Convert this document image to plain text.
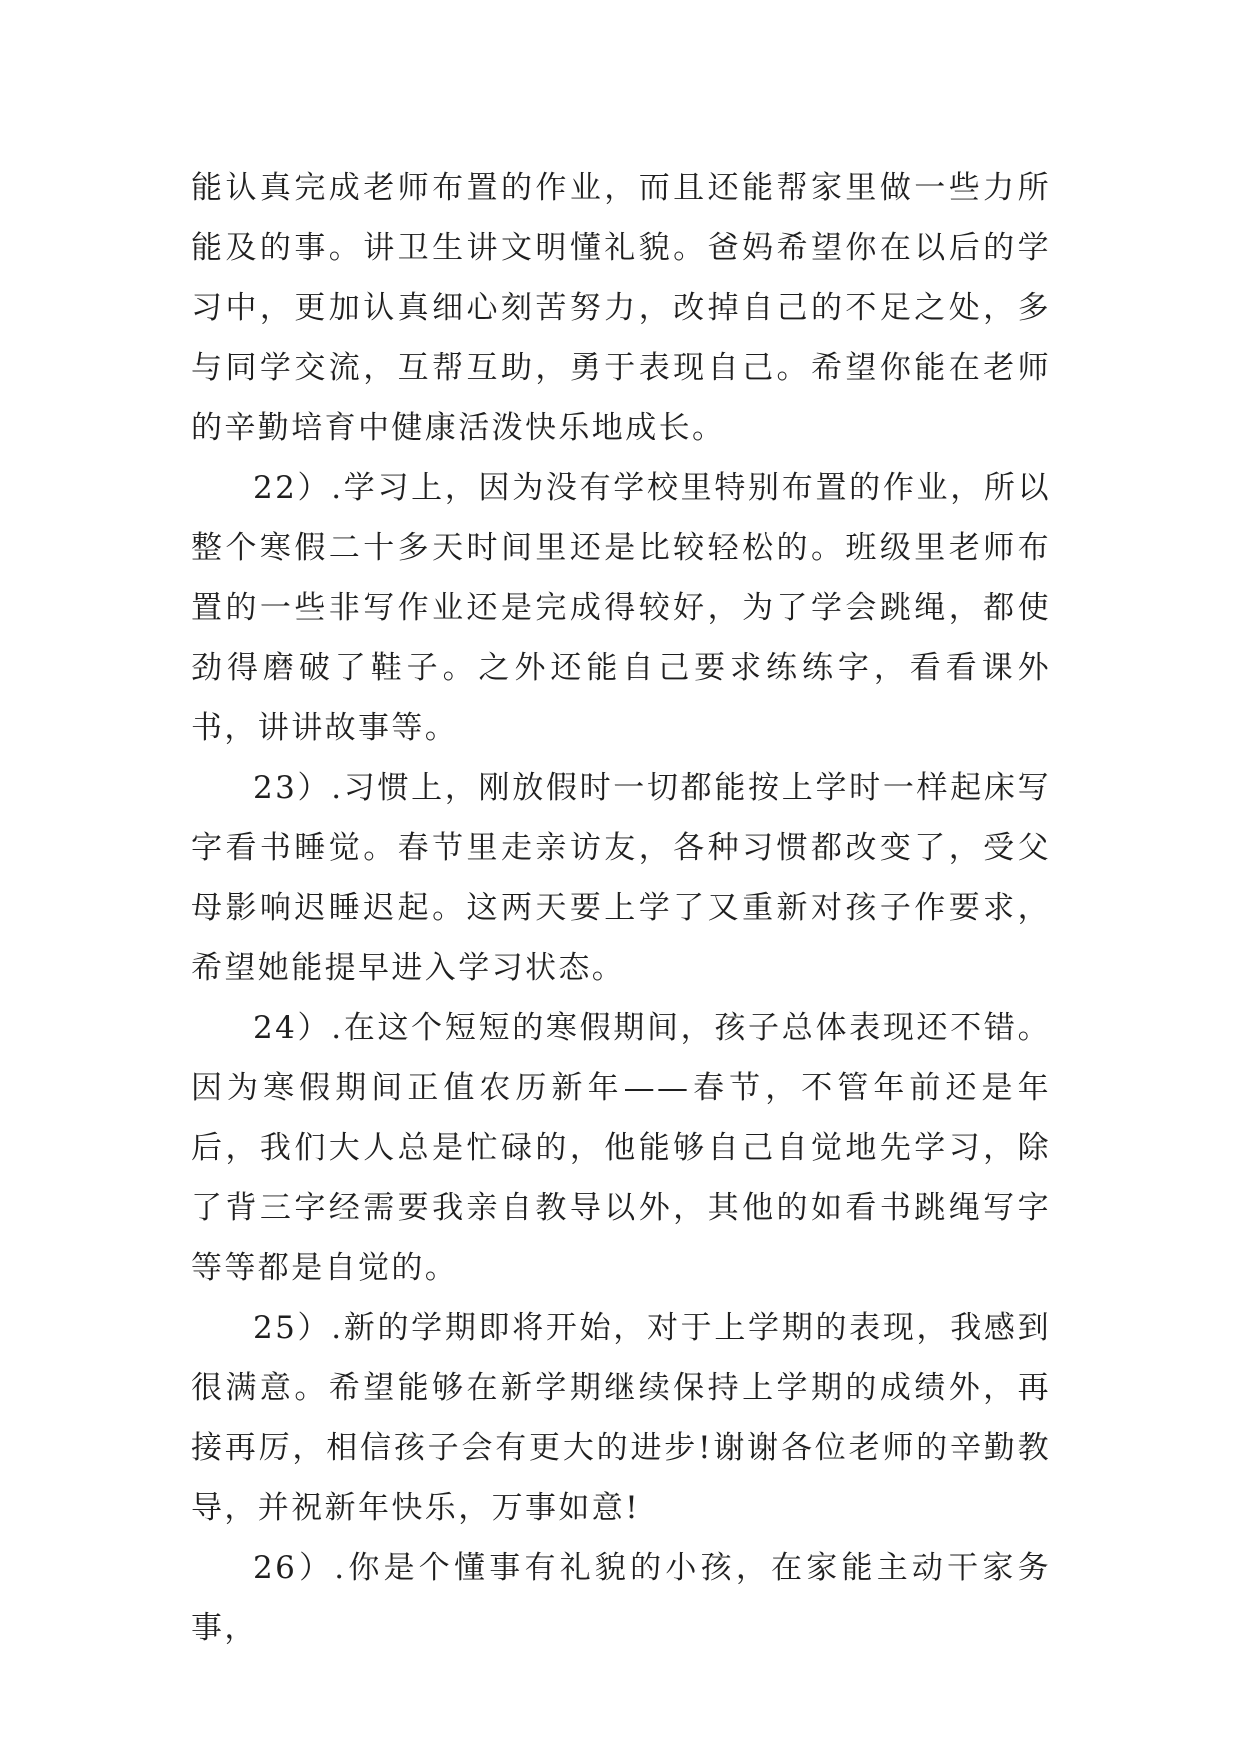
能认真完成老师布置的作业，而且还能帮家里做一些力所能及的事。讲卫生讲文明懂礼貌。爸妈希望你在以后的学习中，更加认真细心刻苦努力，改掉自己的不足之处，多与同学交流，互帮互助，勇于表现自己。希望你能在老师的辛勤培育中健康活泼快乐地成长。

22）.学习上，因为没有学校里特别布置的作业，所以整个寒假二十多天时间里还是比较轻松的。班级里老师布置的一些非写作业还是完成得较好，为了学会跳绳，都使劲得磨破了鞋子。之外还能自己要求练练字，看看课外书，讲讲故事等。

23）.习惯上，刚放假时一切都能按上学时一样起床写字看书睡觉。春节里走亲访友，各种习惯都改变了，受父母影响迟睡迟起。这两天要上学了又重新对孩子作要求，希望她能提早进入学习状态。

24）.在这个短短的寒假期间，孩子总体表现还不错。因为寒假期间正值农历新年——春节，不管年前还是年后，我们大人总是忙碌的，他能够自己自觉地先学习，除了背三字经需要我亲自教导以外，其他的如看书跳绳写字等等都是自觉的。

25）.新的学期即将开始，对于上学期的表现，我感到很满意。希望能够在新学期继续保持上学期的成绩外，再接再厉，相信孩子会有更大的进步!谢谢各位老师的辛勤教导，并祝新年快乐，万事如意!

26）.你是个懂事有礼貌的小孩，在家能主动干家务事，
